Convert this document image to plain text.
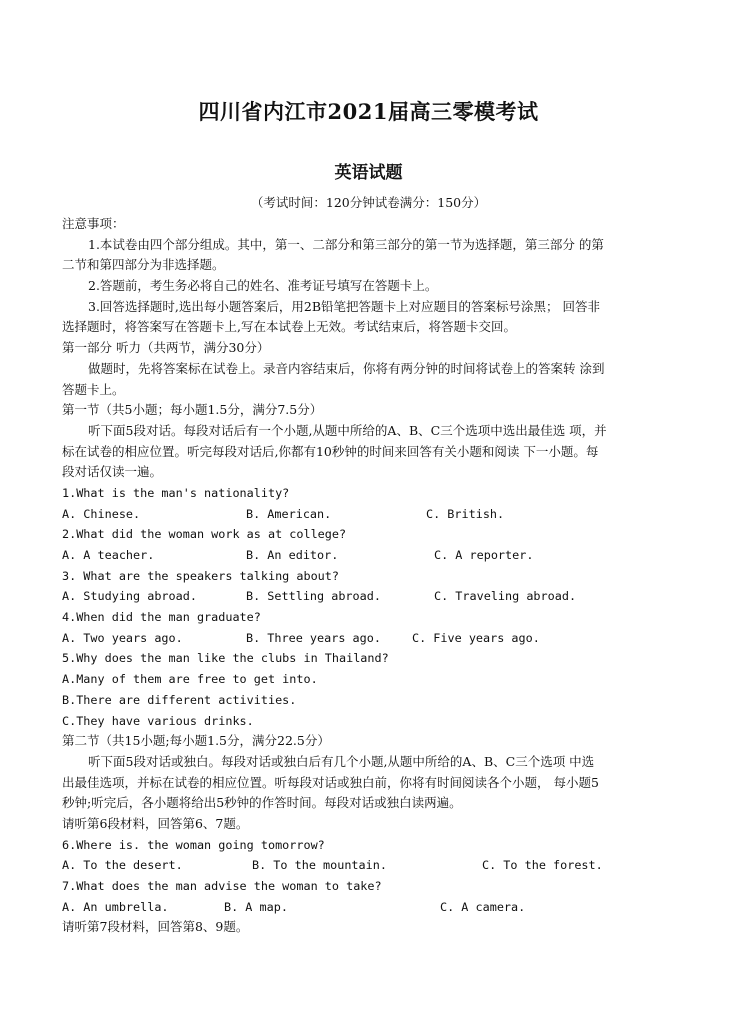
四川省内江市2021届高三零模考试
英语试题
（考试时间：120分钟试卷满分：150分）
注意事项：
1.本试卷由四个部分组成。其中，第一、二部分和第三部分的第一节为选择题，第三部分 的第
二节和第四部分为非选择题。
2.答题前，考生务必将自己的姓名、准考证号填写在答题卡上。
3.回答选择题时,选出每小题答案后，用2B铅笔把答题卡上对应题目的答案标号涂黑； 回答非
选择题时，将答案写在答题卡上,写在本试卷上无效。考试结束后，将答题卡交回。
第一部分 听力（共两节，满分30分）
做题时，先将答案标在试卷上。录音内容结束后，你将有两分钟的时间将试卷上的答案转 涂到
答题卡上。
第一节（共5小题；每小题1.5分，满分7.5分）
听下面5段对话。每段对话后有一个小题,从题中所给的A、B、C三个选项中选出最佳选 项，并
标在试卷的相应位置。听完每段对话后,你都有10秒钟的时间来回答有关小题和阅读 下一小题。每
段对话仅读一遍。
1.What is the man's nationality?
A. Chinese.	B. American.	C. British.
2.What did the woman work as at college?
A. A teacher.	B. An editor.	C. A reporter.
3. What are the speakers talking about?
A. Studying abroad.	B. Settling abroad.	C. Traveling abroad.
4.When did the man graduate?
A. Two years ago.	B. Three years ago.	C. Five years ago.
5.Why does the man like the clubs in Thailand?
A.Many of them are free to get into.
B.There are different activities.
C.They have various drinks.
第二节（共15小题;每小题1.5分，满分22.5分）
听下面5段对话或独白。每段对话或独白后有几个小题,从题中所给的A、B、C三个选项 中选
出最佳选项，并标在试卷的相应位置。听每段对话或独白前，你将有时间阅读各个小题， 每小题5
秒钟;听完后，各小题将给出5秒钟的作答时间。每段对话或独白读两遍。
请听第6段材料，回答第6、7题。
6.Where is. the woman going tomorrow?
A. To the desert.	B. To the mountain.	C. To the forest.
7.What does the man advise the woman to take?
A. An umbrella.	B. A map.	C. A camera.
请听第7段材料，回答第8、9题。
